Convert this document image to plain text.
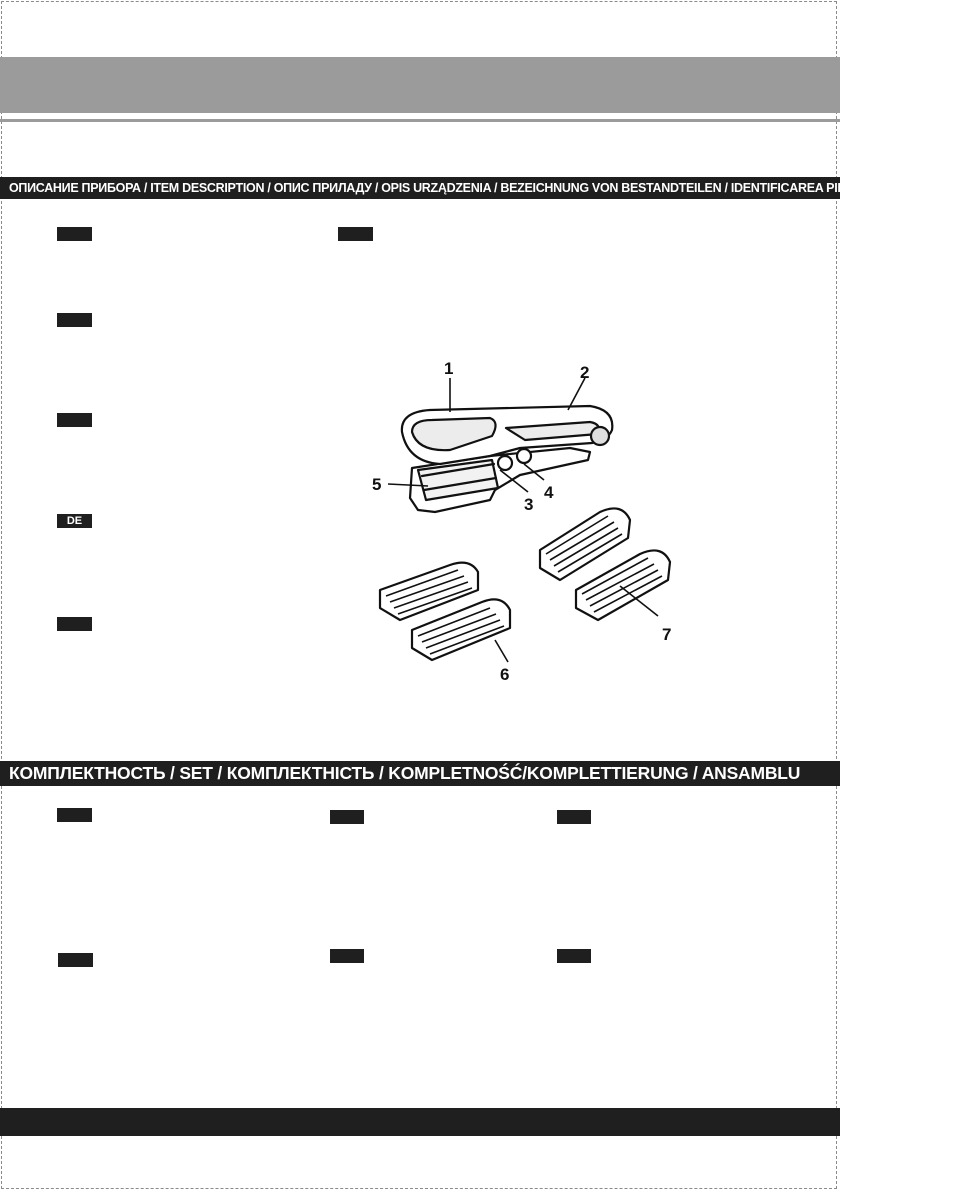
ОПИСАНИЕ ПРИБОРА / ITEM DESCRIPTION / ОПИС ПРИЛАДУ / OPIS URZĄDZENIA / BEZEICHNUNG VON BESTANDTEILEN / IDENTIFICAREA PIESELOR COMPONENTE
DE
1	2
3
4
5
6
7
КОМПЛЕКТНОСТЬ / SET / КОМПЛЕКТНІСТЬ / KOMPLETNOŚĆ/KOMPLETTIERUNG / ANSAMBLU
